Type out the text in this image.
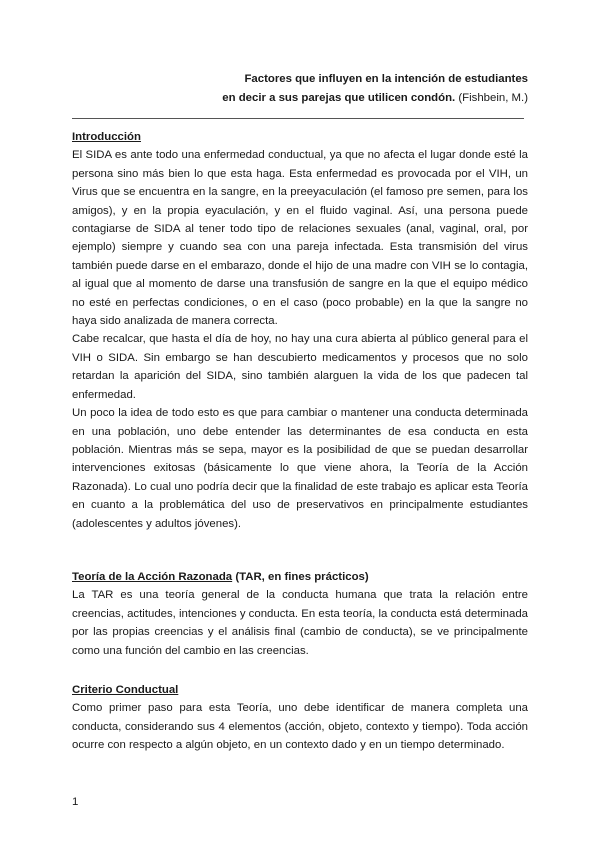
Factores que influyen en la intención de estudiantes
en decir a sus parejas que utilicen condón. (Fishbein, M.)

Introducción

El SIDA es ante todo una enfermedad conductual, ya que no afecta el lugar donde esté la persona sino más bien lo que esta haga. Esta enfermedad es provocada por el VIH, un Virus que se encuentra en la sangre, en la preeyaculación (el famoso pre semen, para los amigos), y en la propia eyaculación, y en el fluido vaginal. Así, una persona puede contagiarse de SIDA al tener todo tipo de relaciones sexuales (anal, vaginal, oral, por ejemplo) siempre y cuando sea con una pareja infectada. Esta transmisión del virus también puede darse en el embarazo, donde el hijo de una madre con VIH se lo contagia, al igual que al momento de darse una transfusión de sangre en la que el equipo médico no esté en perfectas condiciones, o en el caso (poco probable) en la que la sangre no haya sido analizada de manera correcta.

Cabe recalcar, que hasta el día de hoy, no hay una cura abierta al público general para el VIH o SIDA. Sin embargo se han descubierto medicamentos y procesos que no solo retardan la aparición del SIDA, sino también alarguen la vida de los que padecen tal enfermedad.

Un poco la idea de todo esto es que para cambiar o mantener una conducta determinada en una población, uno debe entender las determinantes de esa conducta en esta población. Mientras más se sepa, mayor es la posibilidad de que se puedan desarrollar intervenciones exitosas (básicamente lo que viene ahora, la Teoría de la Acción Razonada). Lo cual uno podría decir que la finalidad de este trabajo es aplicar esta Teoría en cuanto a la problemática del uso de preservativos en principalmente estudiantes (adolescentes y adultos jóvenes).

Teoría de la Acción Razonada (TAR, en fines prácticos)

La TAR es una teoría general de la conducta humana que trata la relación entre creencias, actitudes, intenciones y conducta. En esta teoría, la conducta está determinada por las propias creencias y el análisis final (cambio de conducta), se ve principalmente como una función del cambio en las creencias.

Criterio Conductual

Como primer paso para esta Teoría, uno debe identificar de manera completa una conducta, considerando sus 4 elementos (acción, objeto, contexto y tiempo). Toda acción ocurre con respecto a algún objeto, en un contexto dado y en un tiempo determinado.

1
